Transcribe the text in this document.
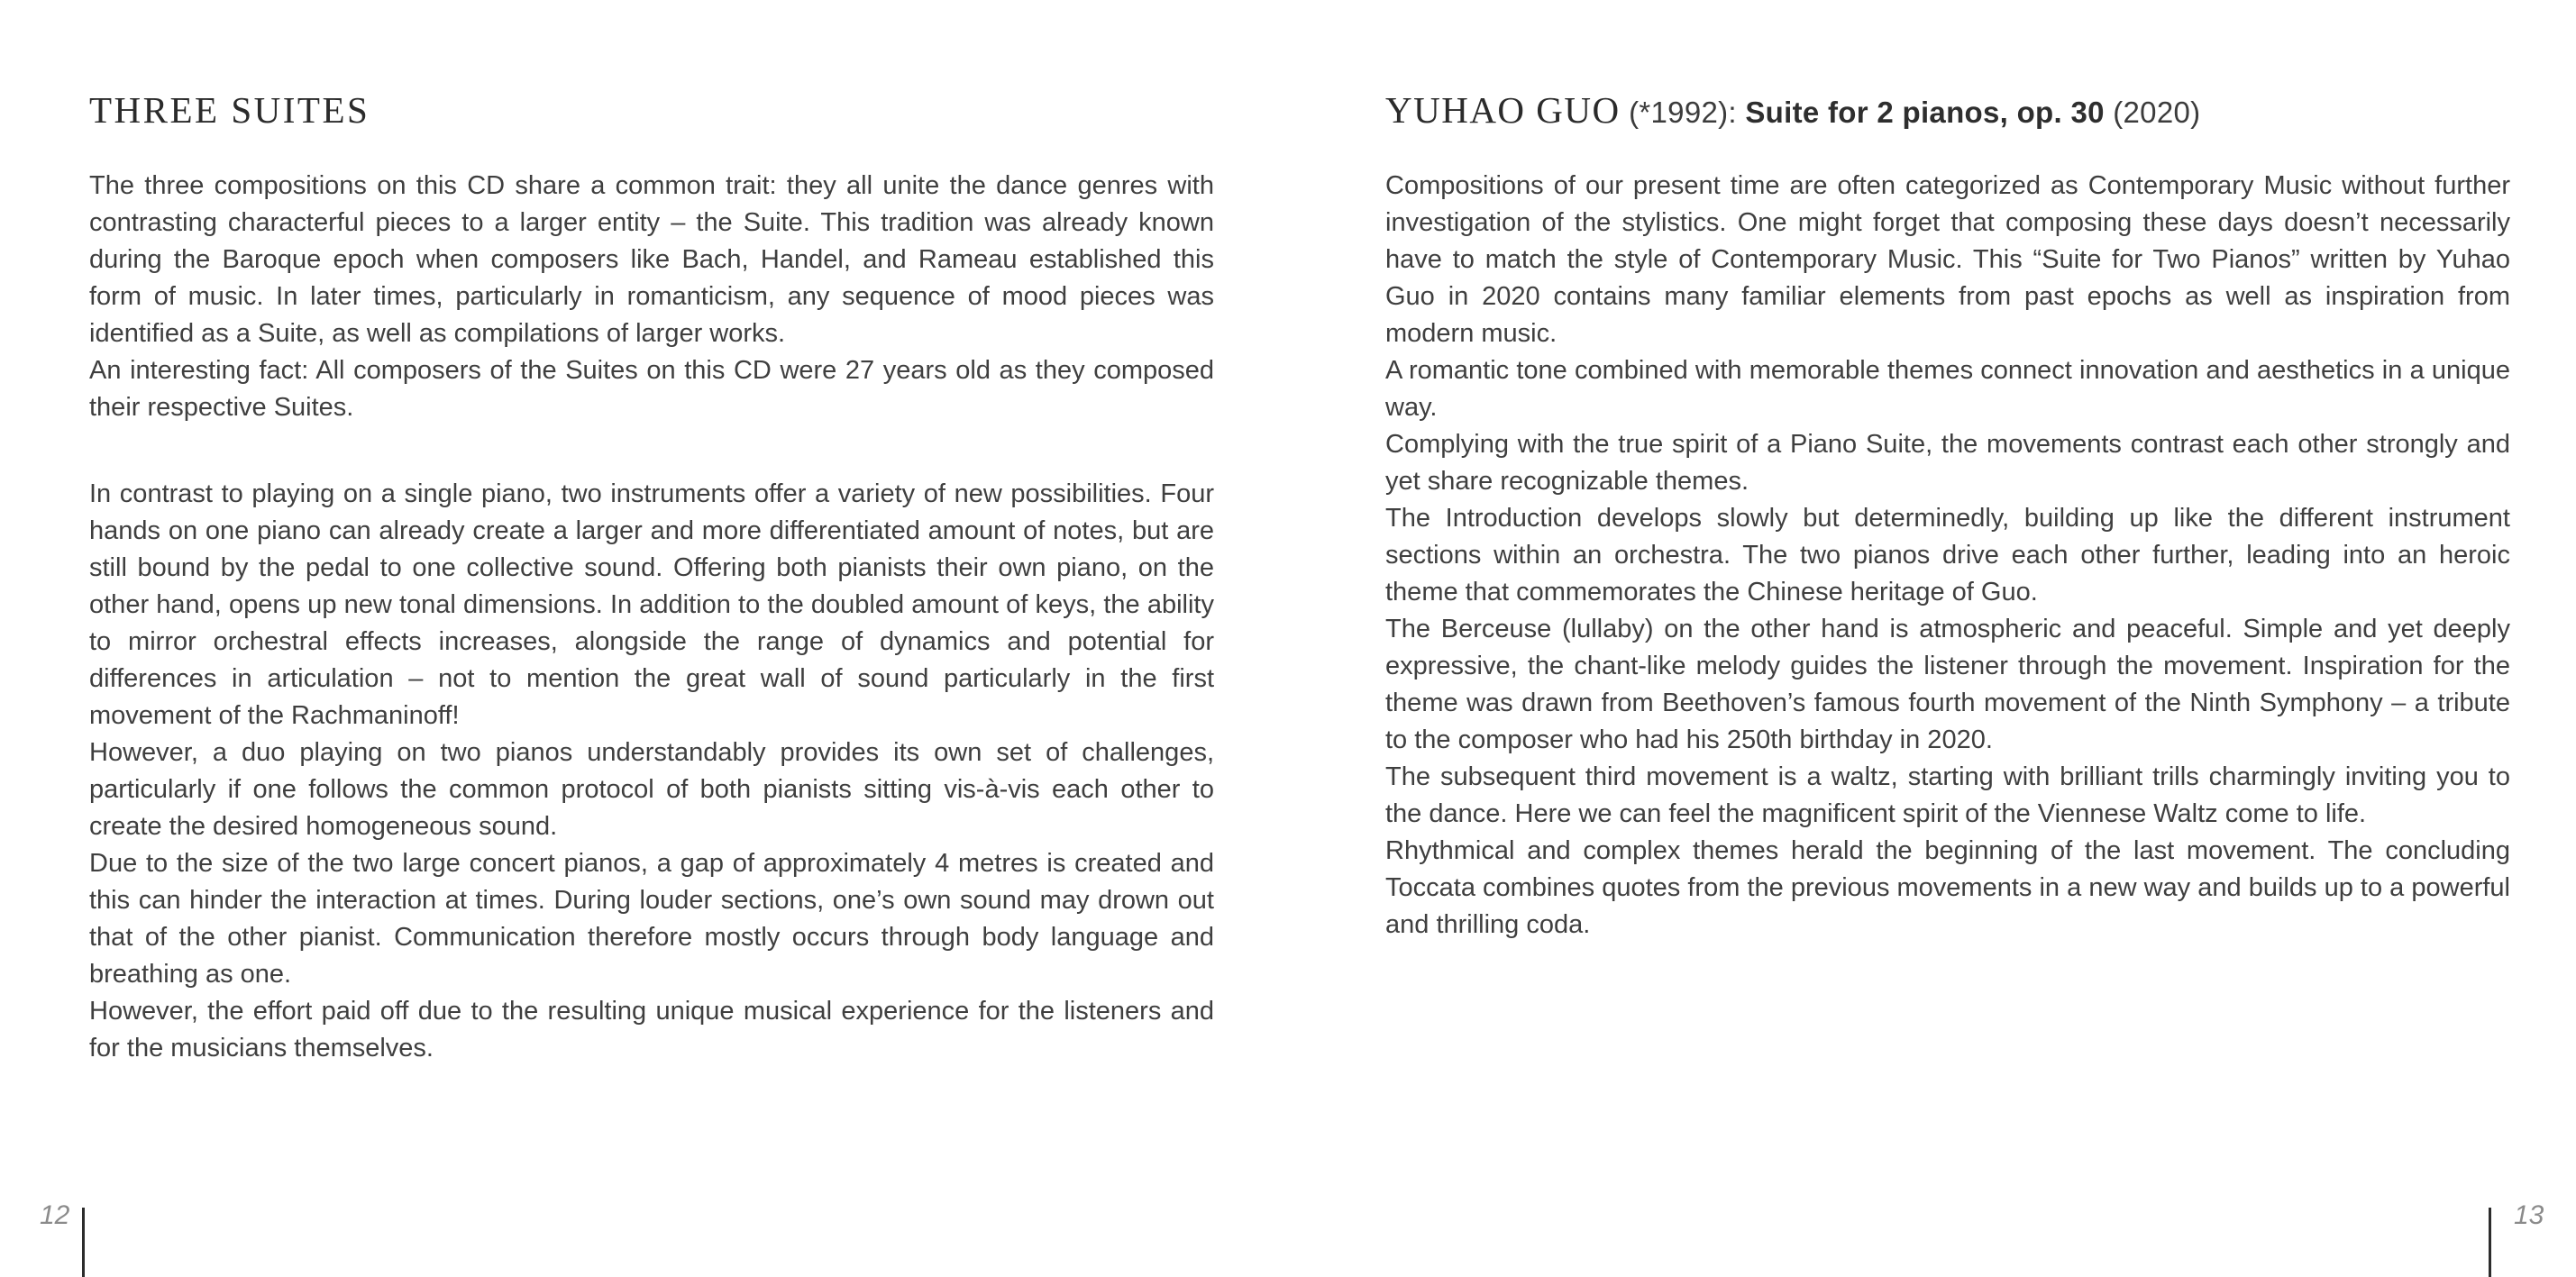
THREE SUITES

The three compositions on this CD share a common trait: they all unite the dance genres with contrasting characterful pieces to a larger entity – the Suite. This tradition was already known during the Baroque epoch when composers like Bach, Handel, and Rameau established this form of music. In later times, particularly in romanticism, any sequence of mood pieces was identified as a Suite, as well as compilations of larger works.

An interesting fact: All composers of the Suites on this CD were 27 years old as they composed their respective Suites.

In contrast to playing on a single piano, two instruments offer a variety of new possibilities. Four hands on one piano can already create a larger and more differentiated amount of notes, but are still bound by the pedal to one collective sound. Offering both pianists their own piano, on the other hand, opens up new tonal dimensions. In addition to the doubled amount of keys, the ability to mirror orchestral effects increases, alongside the range of dynamics and potential for differences in articulation – not to mention the great wall of sound particularly in the first movement of the Rachmaninoff!

However, a duo playing on two pianos understandably provides its own set of challenges, particularly if one follows the common protocol of both pianists sitting vis-à-vis each other to create the desired homogeneous sound.

Due to the size of the two large concert pianos, a gap of approximately 4 metres is created and this can hinder the interaction at times. During louder sections, one’s own sound may drown out that of the other pianist. Communication therefore mostly occurs through body language and breathing as one.

However, the effort paid off due to the resulting unique musical experience for the listeners and for the musicians themselves.

YUHAO GUO (*1992): Suite for 2 pianos, op. 30 (2020)

Compositions of our present time are often categorized as Contemporary Music without further investigation of the stylistics. One might forget that composing these days doesn’t necessarily have to match the style of Contemporary Music. This “Suite for Two Pianos” written by Yuhao Guo in 2020 contains many familiar elements from past epochs as well as inspiration from modern music.

A romantic tone combined with memorable themes connect innovation and aesthetics in a unique way.

Complying with the true spirit of a Piano Suite, the movements contrast each other strongly and yet share recognizable themes.

The Introduction develops slowly but determinedly, building up like the different instrument sections within an orchestra. The two pianos drive each other further, leading into an heroic theme that commemorates the Chinese heritage of Guo.

The Berceuse (lullaby) on the other hand is atmospheric and peaceful. Simple and yet deeply expressive, the chant-like melody guides the listener through the movement. Inspiration for the theme was drawn from Beethoven’s famous fourth movement of the Ninth Symphony – a tribute to the composer who had his 250th birthday in 2020.

The subsequent third movement is a waltz, starting with brilliant trills charmingly inviting you to the dance. Here we can feel the magnificent spirit of the Viennese Waltz come to life.

Rhythmical and complex themes herald the beginning of the last movement. The concluding Toccata combines quotes from the previous movements in a new way and builds up to a powerful and thrilling coda.

12	13
